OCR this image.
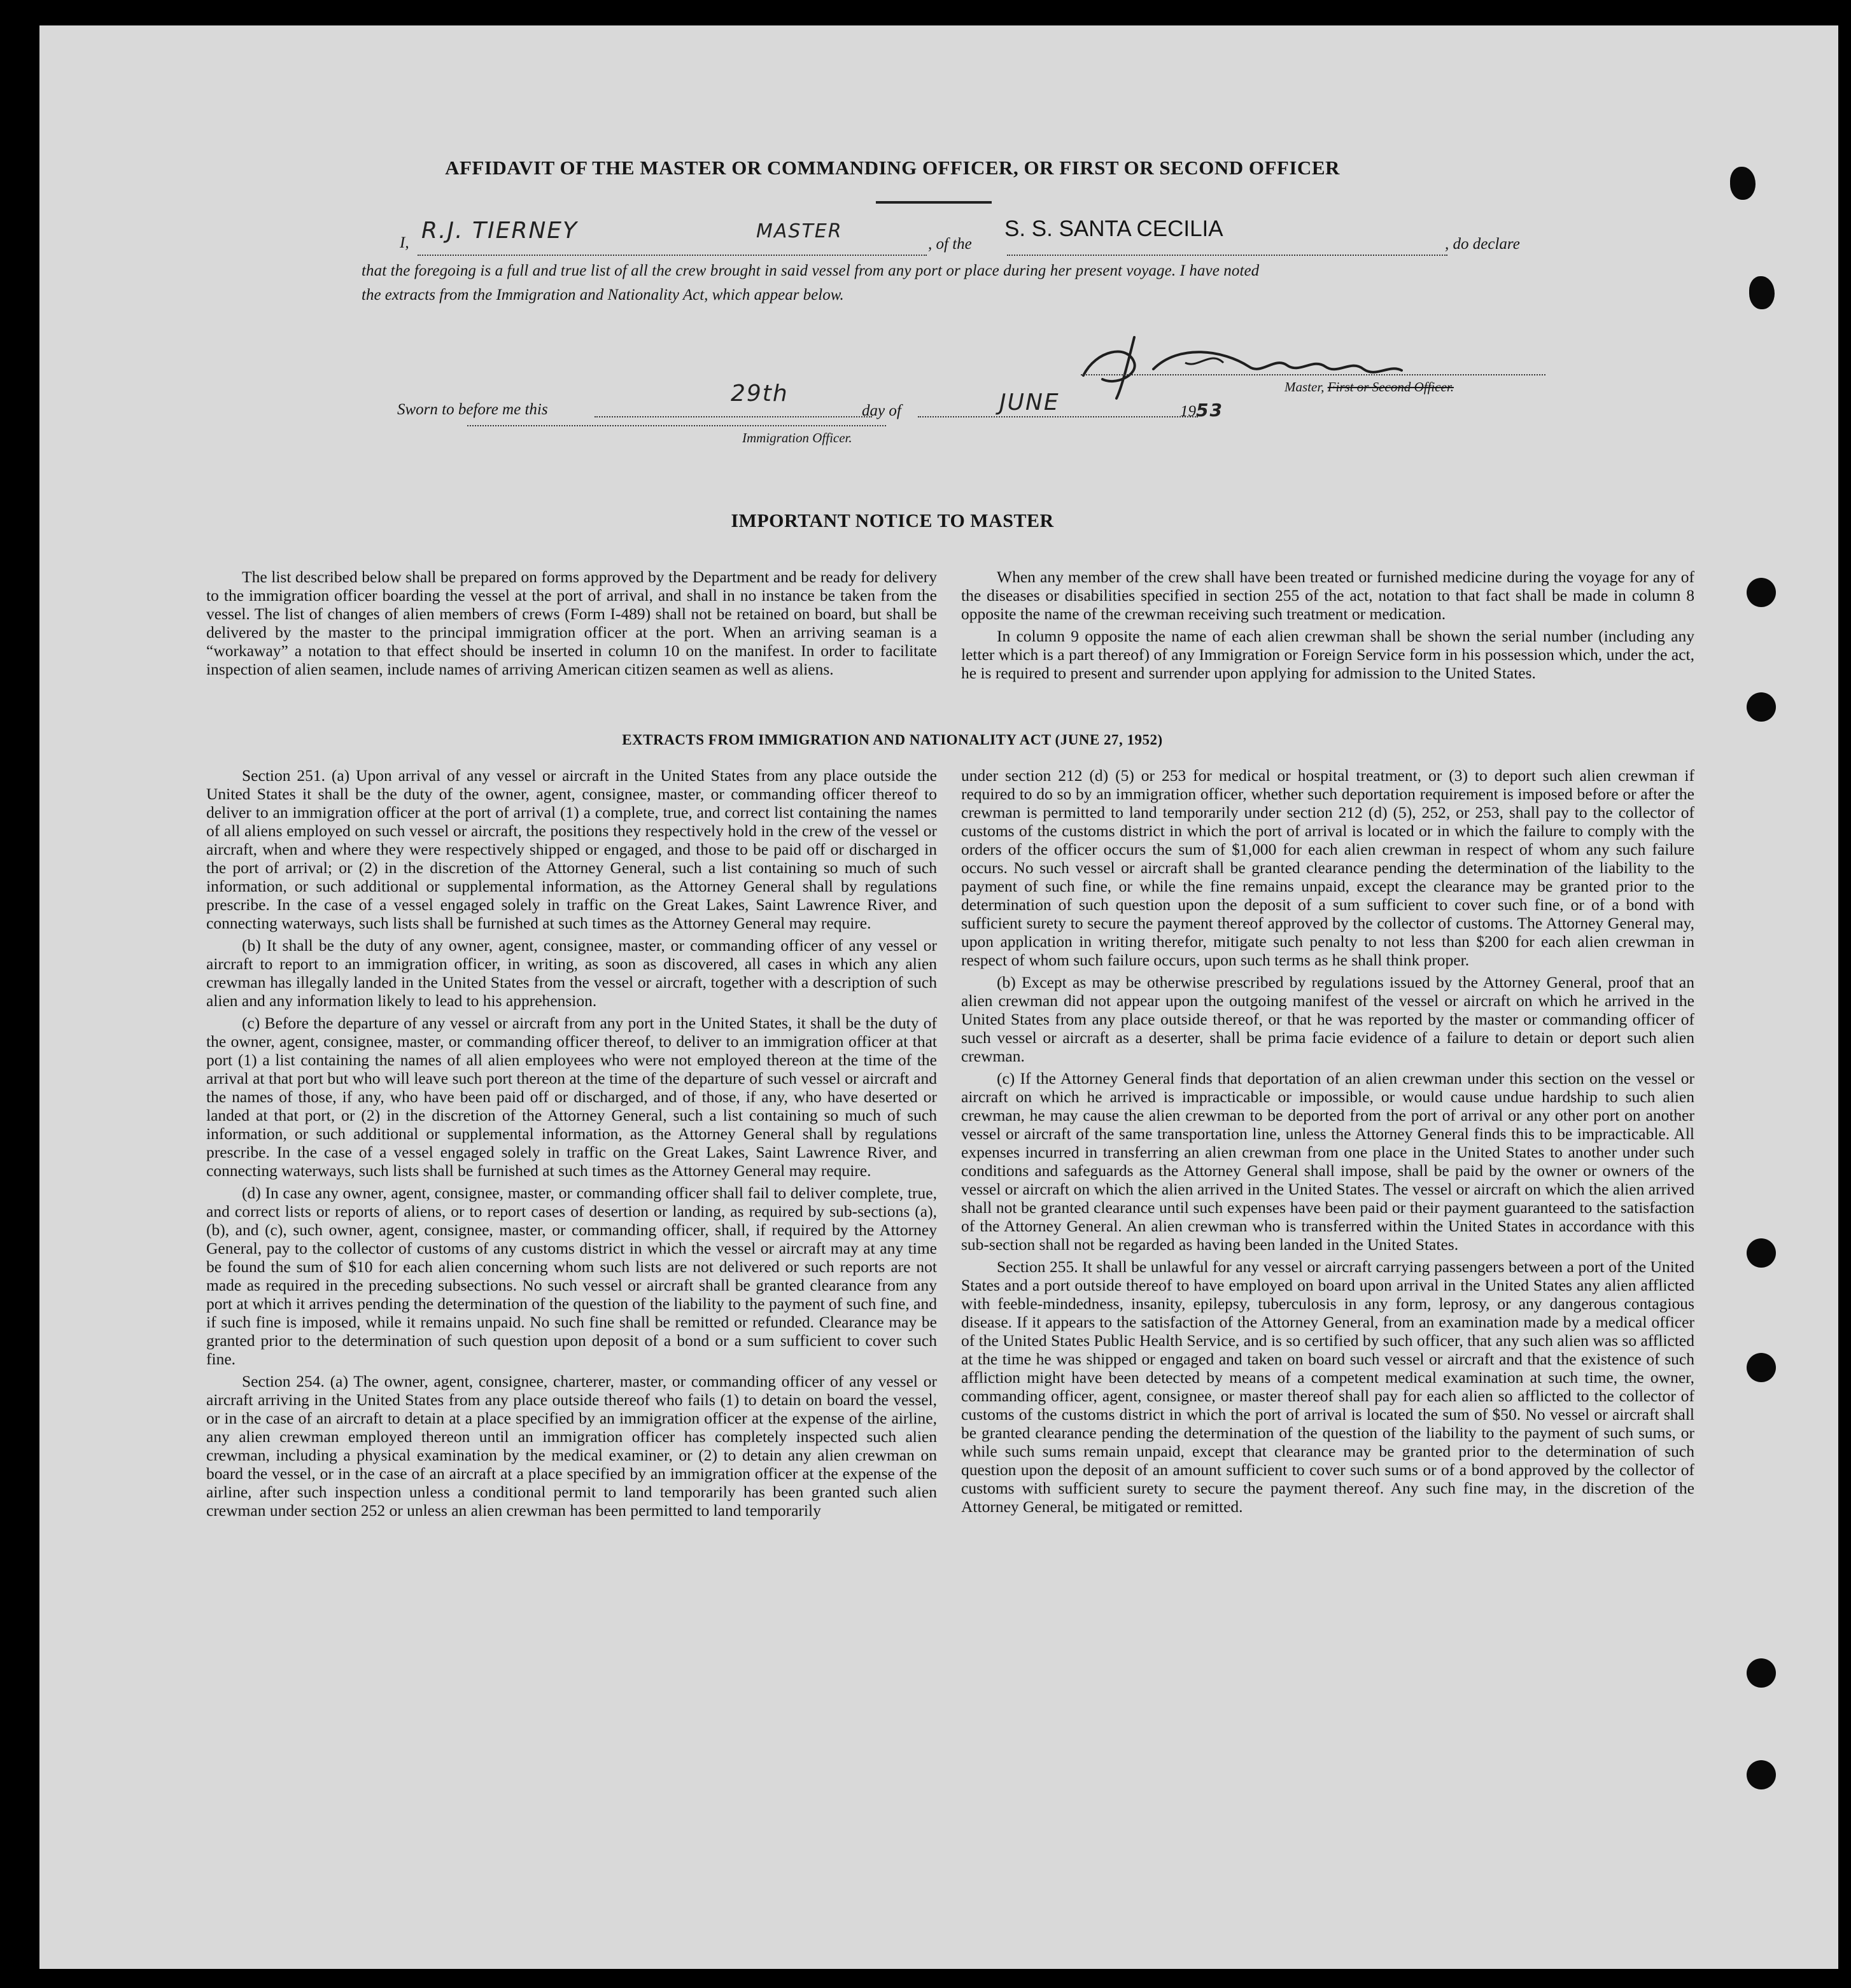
AFFIDAVIT OF THE MASTER OR COMMANDING OFFICER, OR FIRST OR SECOND OFFICER
I, R.J. TIERNEY	MASTER
, of the
S. S. SANTA CECILIA
, do declare
that the foregoing is a full and true list of all the crew brought in said vessel from any port or place during her present voyage. I have noted
the extracts from the Immigration and Nationality Act, which appear below.
Master, First or Second Officer.
Sworn to before me this
29th
day of	JUNE	1953
Immigration Officer.
IMPORTANT NOTICE TO MASTER

The list described below shall be prepared on forms approved by the Department and be ready for delivery to the immigration officer boarding the vessel at the port of arrival, and shall in no instance be taken from the vessel. The list of changes of alien members of crews (Form I-489) shall not be retained on board, but shall be delivered by the master to the principal immigration officer at the port. When an arriving seaman is a “workaway” a notation to that effect should be inserted in column 10 on the manifest. In order to facilitate inspection of alien seamen, include names of arriving American citizen seamen as well as aliens.

When any member of the crew shall have been treated or furnished medicine during the voyage for any of the diseases or disabilities specified in section 255 of the act, notation to that fact shall be made in column 8 opposite the name of the crewman receiving such treatment or medication.

In column 9 opposite the name of each alien crewman shall be shown the serial number (including any letter which is a part thereof) of any Immigration or Foreign Service form in his possession which, under the act, he is required to present and surrender upon applying for admission to the United States.

EXTRACTS FROM IMMIGRATION AND NATIONALITY ACT (JUNE 27, 1952)

Section 251. (a) Upon arrival of any vessel or aircraft in the United States from any place outside the United States it shall be the duty of the owner, agent, consignee, master, or commanding officer thereof to deliver to an immigration officer at the port of arrival (1) a complete, true, and correct list containing the names of all aliens employed on such vessel or aircraft, the positions they respectively hold in the crew of the vessel or aircraft, when and where they were respectively shipped or engaged, and those to be paid off or discharged in the port of arrival; or (2) in the discretion of the Attorney General, such a list containing so much of such information, or such additional or supplemental information, as the Attorney General shall by regulations prescribe. In the case of a vessel engaged solely in traffic on the Great Lakes, Saint Lawrence River, and connecting waterways, such lists shall be furnished at such times as the Attorney General may require.

(b) It shall be the duty of any owner, agent, consignee, master, or commanding officer of any vessel or aircraft to report to an immigration officer, in writing, as soon as discovered, all cases in which any alien crewman has illegally landed in the United States from the vessel or aircraft, together with a description of such alien and any information likely to lead to his apprehension.

(c) Before the departure of any vessel or aircraft from any port in the United States, it shall be the duty of the owner, agent, consignee, master, or commanding officer thereof, to deliver to an immigration officer at that port (1) a list containing the names of all alien employees who were not employed thereon at the time of the arrival at that port but who will leave such port thereon at the time of the departure of such vessel or aircraft and the names of those, if any, who have been paid off or discharged, and of those, if any, who have deserted or landed at that port, or (2) in the discretion of the Attorney General, such a list containing so much of such information, or such additional or supplemental information, as the Attorney General shall by regulations prescribe. In the case of a vessel engaged solely in traffic on the Great Lakes, Saint Lawrence River, and connecting waterways, such lists shall be furnished at such times as the Attorney General may require.

(d) In case any owner, agent, consignee, master, or commanding officer shall fail to deliver complete, true, and correct lists or reports of aliens, or to report cases of desertion or landing, as required by sub-sections (a), (b), and (c), such owner, agent, consignee, master, or commanding officer, shall, if required by the Attorney General, pay to the collector of customs of any customs district in which the vessel or aircraft may at any time be found the sum of $10 for each alien concerning whom such lists are not delivered or such reports are not made as required in the preceding subsections. No such vessel or aircraft shall be granted clearance from any port at which it arrives pending the determination of the question of the liability to the payment of such fine, and if such fine is imposed, while it remains unpaid. No such fine shall be remitted or refunded. Clearance may be granted prior to the determination of such question upon deposit of a bond or a sum sufficient to cover such fine.

Section 254. (a) The owner, agent, consignee, charterer, master, or commanding officer of any vessel or aircraft arriving in the United States from any place outside thereof who fails (1) to detain on board the vessel, or in the case of an aircraft to detain at a place specified by an immigration officer at the expense of the airline, any alien crewman employed thereon until an immigration officer has completely inspected such alien crewman, including a physical examination by the medical examiner, or (2) to detain any alien crewman on board the vessel, or in the case of an aircraft at a place specified by an immigration officer at the expense of the airline, after such inspection unless a conditional permit to land temporarily has been granted such alien crewman under section 252 or unless an alien crewman has been permitted to land temporarily

under section 212 (d) (5) or 253 for medical or hospital treatment, or (3) to deport such alien crewman if required to do so by an immigration officer, whether such deportation requirement is imposed before or after the crewman is permitted to land temporarily under section 212 (d) (5), 252, or 253, shall pay to the collector of customs of the customs district in which the port of arrival is located or in which the failure to comply with the orders of the officer occurs the sum of $1,000 for each alien crewman in respect of whom any such failure occurs. No such vessel or aircraft shall be granted clearance pending the determination of the liability to the payment of such fine, or while the fine remains unpaid, except the clearance may be granted prior to the determination of such question upon the deposit of a sum sufficient to cover such fine, or of a bond with sufficient surety to secure the payment thereof approved by the collector of customs. The Attorney General may, upon application in writing therefor, mitigate such penalty to not less than $200 for each alien crewman in respect of whom such failure occurs, upon such terms as he shall think proper.

(b) Except as may be otherwise prescribed by regulations issued by the Attorney General, proof that an alien crewman did not appear upon the outgoing manifest of the vessel or aircraft on which he arrived in the United States from any place outside thereof, or that he was reported by the master or commanding officer of such vessel or aircraft as a deserter, shall be prima facie evidence of a failure to detain or deport such alien crewman.

(c) If the Attorney General finds that deportation of an alien crewman under this section on the vessel or aircraft on which he arrived is impracticable or impossible, or would cause undue hardship to such alien crewman, he may cause the alien crewman to be deported from the port of arrival or any other port on another vessel or aircraft of the same transportation line, unless the Attorney General finds this to be impracticable. All expenses incurred in transferring an alien crewman from one place in the United States to another under such conditions and safeguards as the Attorney General shall impose, shall be paid by the owner or owners of the vessel or aircraft on which the alien arrived in the United States. The vessel or aircraft on which the alien arrived shall not be granted clearance until such expenses have been paid or their payment guaranteed to the satisfaction of the Attorney General. An alien crewman who is transferred within the United States in accordance with this sub-section shall not be regarded as having been landed in the United States.

Section 255. It shall be unlawful for any vessel or aircraft carrying passengers between a port of the United States and a port outside thereof to have employed on board upon arrival in the United States any alien afflicted with feeble-mindedness, insanity, epilepsy, tuberculosis in any form, leprosy, or any dangerous contagious disease. If it appears to the satisfaction of the Attorney General, from an examination made by a medical officer of the United States Public Health Service, and is so certified by such officer, that any such alien was so afflicted at the time he was shipped or engaged and taken on board such vessel or aircraft and that the existence of such affliction might have been detected by means of a competent medical examination at such time, the owner, commanding officer, agent, consignee, or master thereof shall pay for each alien so afflicted to the collector of customs of the customs district in which the port of arrival is located the sum of $50. No vessel or aircraft shall be granted clearance pending the determination of the question of the liability to the payment of such sums, or while such sums remain unpaid, except that clearance may be granted prior to the determination of such question upon the deposit of an amount sufficient to cover such sums or of a bond approved by the collector of customs with sufficient surety to secure the payment thereof. Any such fine may, in the discretion of the Attorney General, be mitigated or remitted.
